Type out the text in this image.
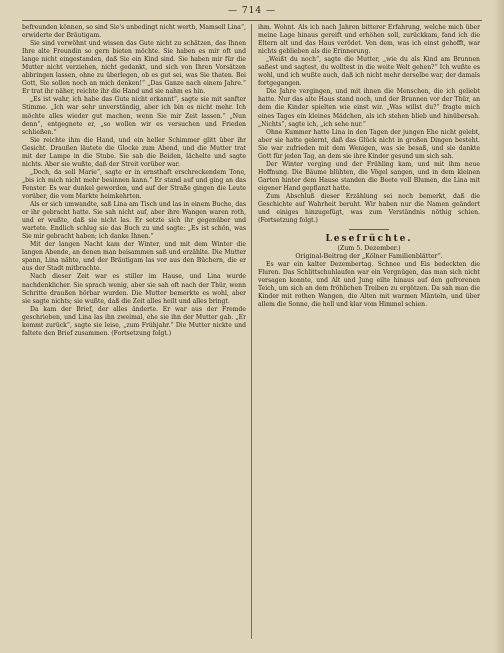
— 714 —

befreunden können, so sind Sie's unbedingt nicht werth, Mamsell Lina“, erwiderte der Bräutigam.

Sie sind verwöhnt und wissen das Gute nicht zu schätzen, das Ihnen Ihre alte Freundin so gern bieten möchte. Sie haben es mir oft und lange nicht eingestanden, daß Sie ein Kind sind. Sie haben mir für die Mutter nicht verziehen, nicht gedankt, und sich von Ihren Vorsätzen abbringen lassen, ohne zu überlegen, ob es gut sei, was Sie thaten. Bei Gott, Sie sollen noch an mich denken!“ „Das Ganze nach einem Jahre.“ Er trat ihr näher, reichte ihr die Hand und sie nahm es hin.

„Es ist wahr, ich habe das Gute nicht erkannt“, sagte sie mit sanfter Stimme. „Ich war sehr unverständig, aber ich bin es nicht mehr. Ich möchte alles wieder gut machen, wenn Sie mir Zeit lassen.“ „Nun denn“, entgegnete er, „so wollen wir es versuchen und Frieden schließen.“

Sie reichte ihm die Hand, und ein heller Schimmer glitt über ihr Gesicht. Draußen läutete die Glocke zum Abend, und die Mutter trat mit der Lampe in die Stube. Sie sah die Beiden, lächelte und sagte nichts. Aber sie wußte, daß der Streit vorüber war.

„Doch, da soll Marie“, sagte er in ernsthaft erschreckendem Tone, „bis ich mich nicht mehr besinnen kann.“ Er stand auf und ging an das Fenster. Es war dunkel geworden, und auf der Straße gingen die Leute vorüber, die vom Markte heimkehrten.

Als er sich umwandte, saß Lina am Tisch und las in einem Buche, das er ihr gebracht hatte. Sie sah nicht auf, aber ihre Wangen waren roth, und er wußte, daß sie nicht las. Er setzte sich ihr gegenüber und wartete. Endlich schlug sie das Buch zu und sagte: „Es ist schön, was Sie mir gebracht haben; ich danke Ihnen.“

Mit der langen Nacht kam der Winter, und mit dem Winter die langen Abende, an denen man beisammen saß und erzählte. Die Mutter spann, Lina nähte, und der Bräutigam las vor aus den Büchern, die er aus der Stadt mitbrachte.

Nach dieser Zeit war es stiller im Hause, und Lina wurde nachdenklicher. Sie sprach wenig, aber sie sah oft nach der Thür, wenn Schritte draußen hörbar wurden. Die Mutter bemerkte es wohl, aber sie sagte nichts; sie wußte, daß die Zeit alles heilt und alles bringt.

Da kam der Brief, der alles änderte. Er war aus der Fremde geschrieben, und Lina las ihn zweimal, ehe sie ihn der Mutter gab. „Er kommt zurück“, sagte sie leise, „zum Frühjahr.“ Die Mutter nickte und faltete den Brief zusammen. (Fortsetzung folgt.)

ihm. Wohnt. Als ich nach Jahren bitterer Erfahrung, welche mich über meine Lage hinaus gereift und erhöhen soll, zurückkam, fand ich die Eltern alt und das Haus verödet. Von dem, was ich einst gehofft, war nichts geblieben als die Erinnerung.

„Weißt du noch“, sagte die Mutter, „wie du als Kind am Brunnen saßest und sagtest, du wolltest in die weite Welt gehen?“ Ich wußte es wohl, und ich wußte auch, daß ich nicht mehr derselbe war, der damals fortgegangen.

Die Jahre vergingen, und mit ihnen die Menschen, die ich geliebt hatte. Nur das alte Haus stand noch, und der Brunnen vor der Thür, an dem die Kinder spielten wie einst wir. „Was willst du?“ fragte mich eines Tages ein kleines Mädchen, als ich stehen blieb und hinübersah. „Nichts“, sagte ich, „ich sehe nur.“

Ohne Kummer hatte Lina in den Tagen der jungen Ehe nicht gelebt, aber sie hatte gelernt, daß das Glück nicht in großen Dingen besteht. Sie war zufrieden mit dem Wenigen, was sie besaß, und sie dankte Gott für jeden Tag, an dem sie ihre Kinder gesund um sich sah.

Der Winter verging und der Frühling kam, und mit ihm neue Hoffnung. Die Bäume blühten, die Vögel sangen, und in dem kleinen Garten hinter dem Hause standen die Beete voll Blumen, die Lina mit eigener Hand gepflanzt hatte.

Zum Abschluß dieser Erzählung sei noch bemerkt, daß die Geschichte auf Wahrheit beruht. Wir haben nur die Namen geändert und einiges hinzugefügt, was zum Verständnis nöthig schien. (Fortsetzung folgt.)

Lesefrüchte.
(Zum 5. Dezember.)
Original-Beitrag der „Kölner Familienblätter“.

Es war ein kalter Dezembertag. Schnee und Eis bedeckten die Fluren. Das Schlittschuhlaufen war ein Vergnügen, das man sich nicht versagen konnte, und Alt und Jung eilte hinaus auf den gefrorenen Teich, um sich an dem fröhlichen Treiben zu ergötzen. Da sah man die Kinder mit rothen Wangen, die Alten mit warmen Mänteln, und über allem die Sonne, die hell und klar vom Himmel schien.
